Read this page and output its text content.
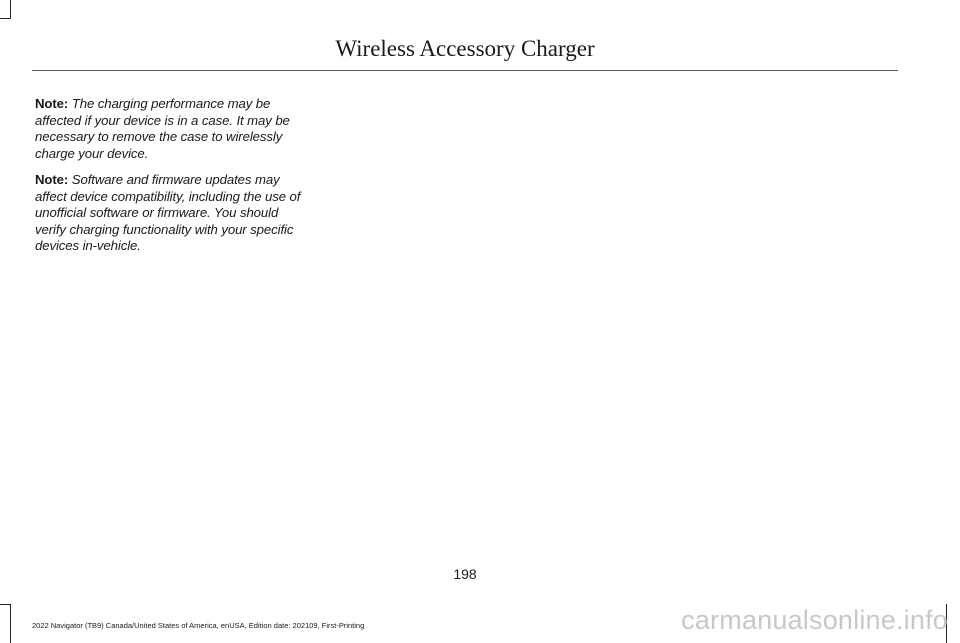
Wireless Accessory Charger

Note: The charging performance may be affected if your device is in a case. It may be necessary to remove the case to wirelessly charge your device.

Note: Software and firmware updates may affect device compatibility, including the use of unofficial software or firmware. You should verify charging functionality with your specific devices in-vehicle.

198
2022 Navigator (TB9) Canada/United States of America, enUSA, Edition date: 202109, First-Printing	carmanualsonline.info
